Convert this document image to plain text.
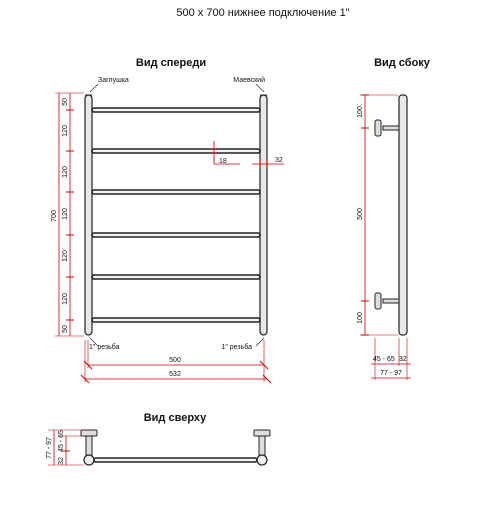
500 х 700 нижнее подключение 1"
Вид спереди
Заглушка	Маевский
1" резьба	1" резьба
700
50
120
120
120
120
120
50
18	32
500
532
Вид сбоку
100
500
100
45 - 65 32
77 - 97
Вид сверху
77 - 97
32
45 - 65
